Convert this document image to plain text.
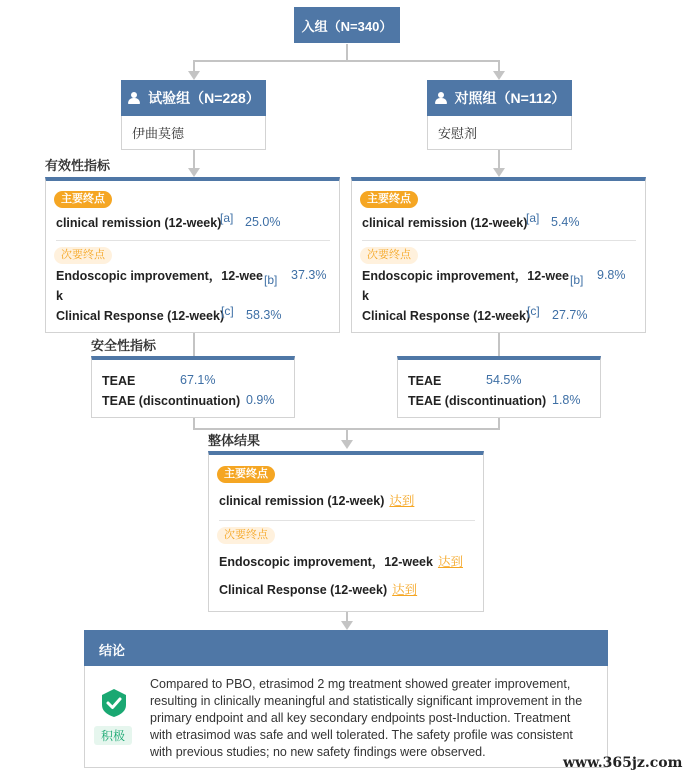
入组（N=340）
试验组（N=228）
伊曲莫德
对照组（N=112）
安慰剂
有效性指标
主要终点
clinical remission (12-week)
[a] 25.0%
次要终点
Endoscopic improvement，12-wee
k
[b] 37.3%
Clinical Response (12-week)
[c] 58.3%
主要终点
clinical remission (12-week)
[a] 5.4%
次要终点
Endoscopic improvement，12-wee
k
[b] 9.8%
Clinical Response (12-week)
[c] 27.7%
安全性指标
TEAE	67.1%
TEAE (discontinuation) 0.9%
TEAE	54.5%
TEAE (discontinuation) 1.8%
整体结果
主要终点
clinical remission (12-week) 达到
次要终点
Endoscopic improvement，12-week 达到
Clinical Response (12-week) 达到
结论
积极
Compared to PBO, etrasimod 2 mg treatment showed greater improvement, resulting in clinically meaningful and statistically significant improvement in the primary endpoint and all key secondary endpoints post-Induction. Treatment with etrasimod was safe and well tolerated. The safety profile was consistent with previous studies; no new safety findings were observed.
www.365jz.com
